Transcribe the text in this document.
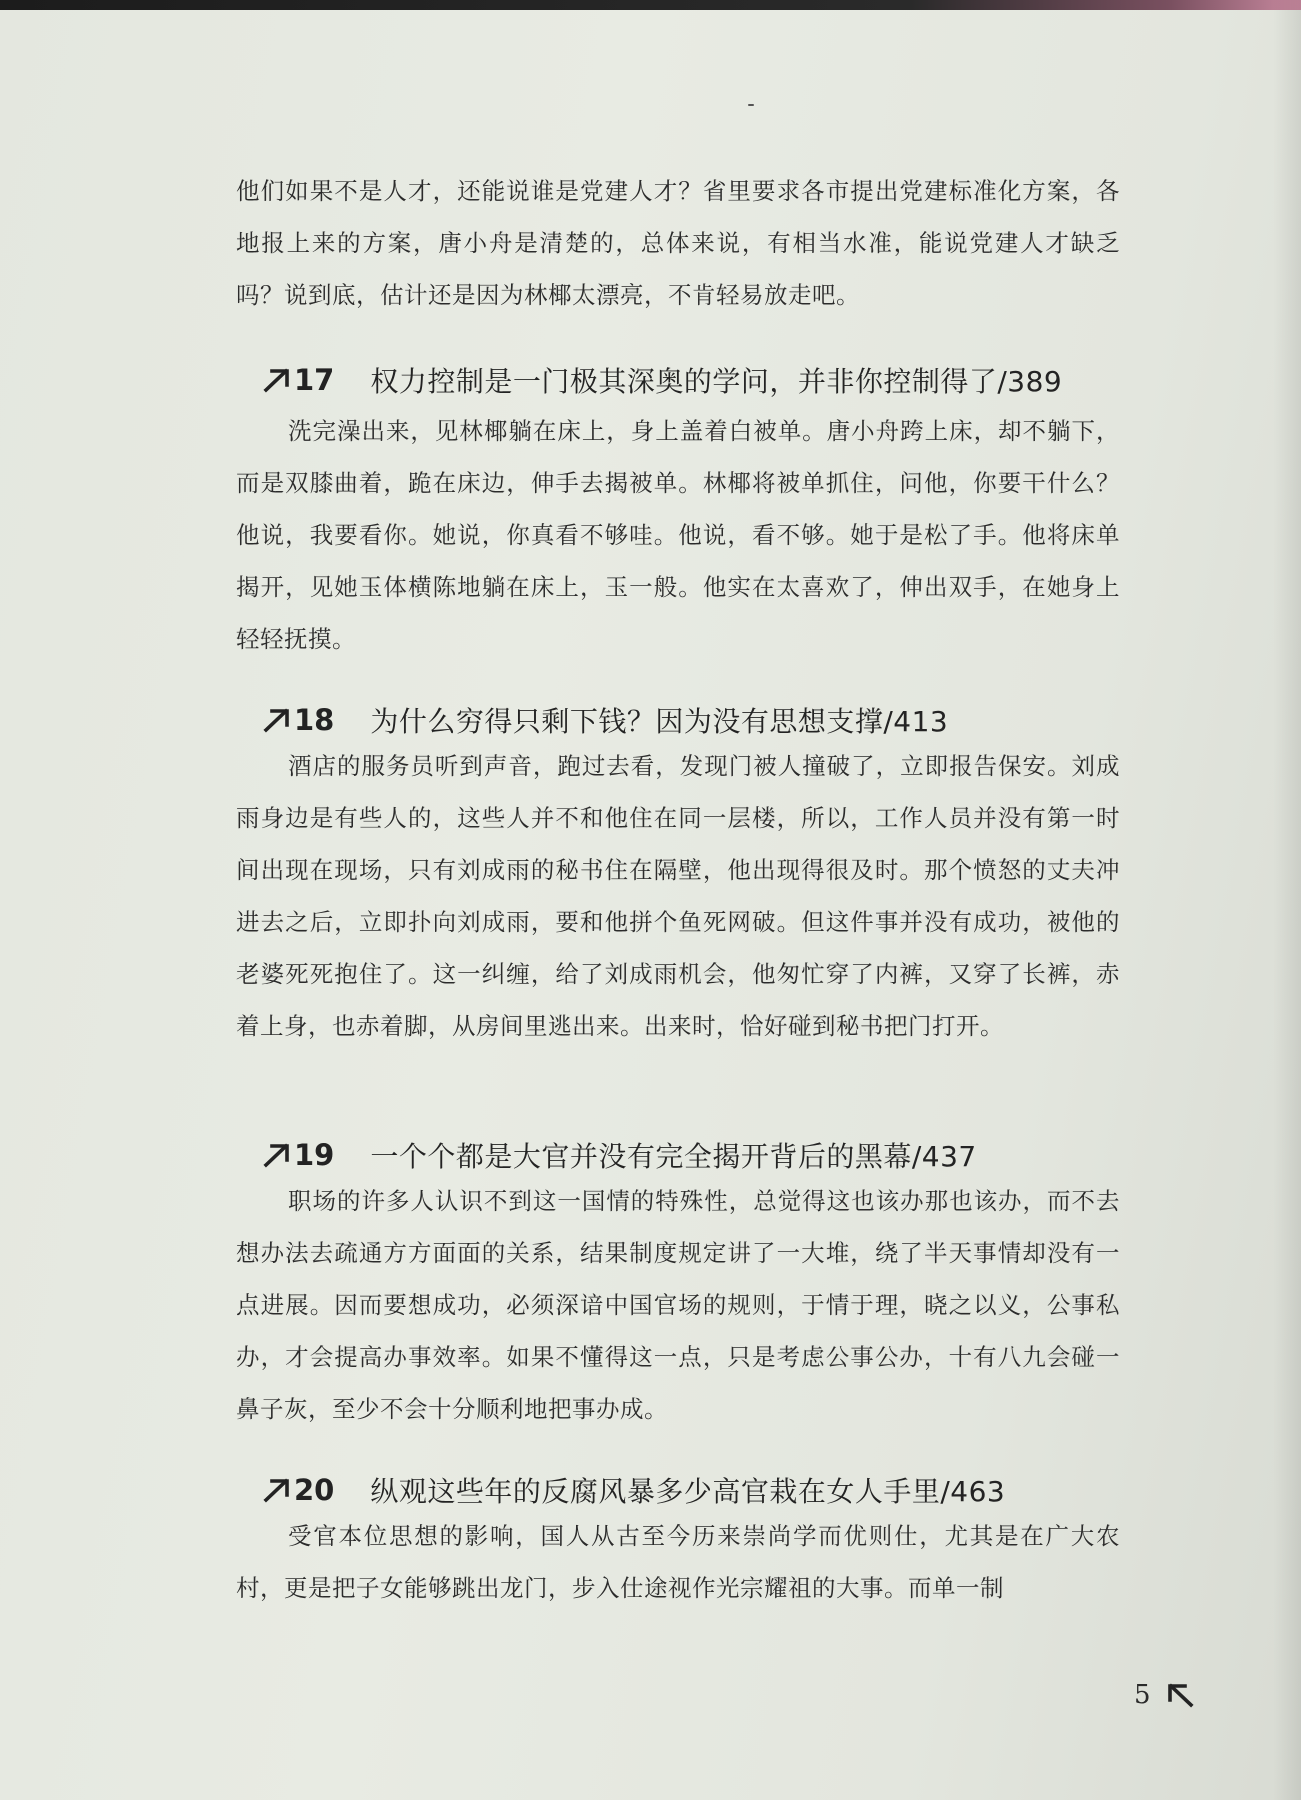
他们如果不是人才，还能说谁是党建人才？省里要求各市提出党建标准化方案，各地报上来的方案，唐小舟是清楚的，总体来说，有相当水准，能说党建人才缺乏吗？说到底，估计还是因为林椰太漂亮，不肯轻易放走吧。

17 权力控制是一门极其深奥的学问，并非你控制得了/389

洗完澡出来，见林椰躺在床上，身上盖着白被单。唐小舟跨上床，却不躺下，而是双膝曲着，跪在床边，伸手去揭被单。林椰将被单抓住，问他，你要干什么？他说，我要看你。她说，你真看不够哇。他说，看不够。她于是松了手。他将床单揭开，见她玉体横陈地躺在床上，玉一般。他实在太喜欢了，伸出双手，在她身上轻轻抚摸。

18 为什么穷得只剩下钱？因为没有思想支撑/413

酒店的服务员听到声音，跑过去看，发现门被人撞破了，立即报告保安。刘成雨身边是有些人的，这些人并不和他住在同一层楼，所以，工作人员并没有第一时间出现在现场，只有刘成雨的秘书住在隔壁，他出现得很及时。那个愤怒的丈夫冲进去之后，立即扑向刘成雨，要和他拼个鱼死网破。但这件事并没有成功，被他的老婆死死抱住了。这一纠缠，给了刘成雨机会，他匆忙穿了内裤，又穿了长裤，赤着上身，也赤着脚，从房间里逃出来。出来时，恰好碰到秘书把门打开。

19 一个个都是大官并没有完全揭开背后的黑幕/437

职场的许多人认识不到这一国情的特殊性，总觉得这也该办那也该办，而不去想办法去疏通方方面面的关系，结果制度规定讲了一大堆，绕了半天事情却没有一点进展。因而要想成功，必须深谙中国官场的规则，于情于理，晓之以义，公事私办，才会提高办事效率。如果不懂得这一点，只是考虑公事公办，十有八九会碰一鼻子灰，至少不会十分顺利地把事办成。

20 纵观这些年的反腐风暴多少高官栽在女人手里/463

受官本位思想的影响，国人从古至今历来崇尚学而优则仕，尤其是在广大农村，更是把子女能够跳出龙门，步入仕途视作光宗耀祖的大事。而单一制

5
